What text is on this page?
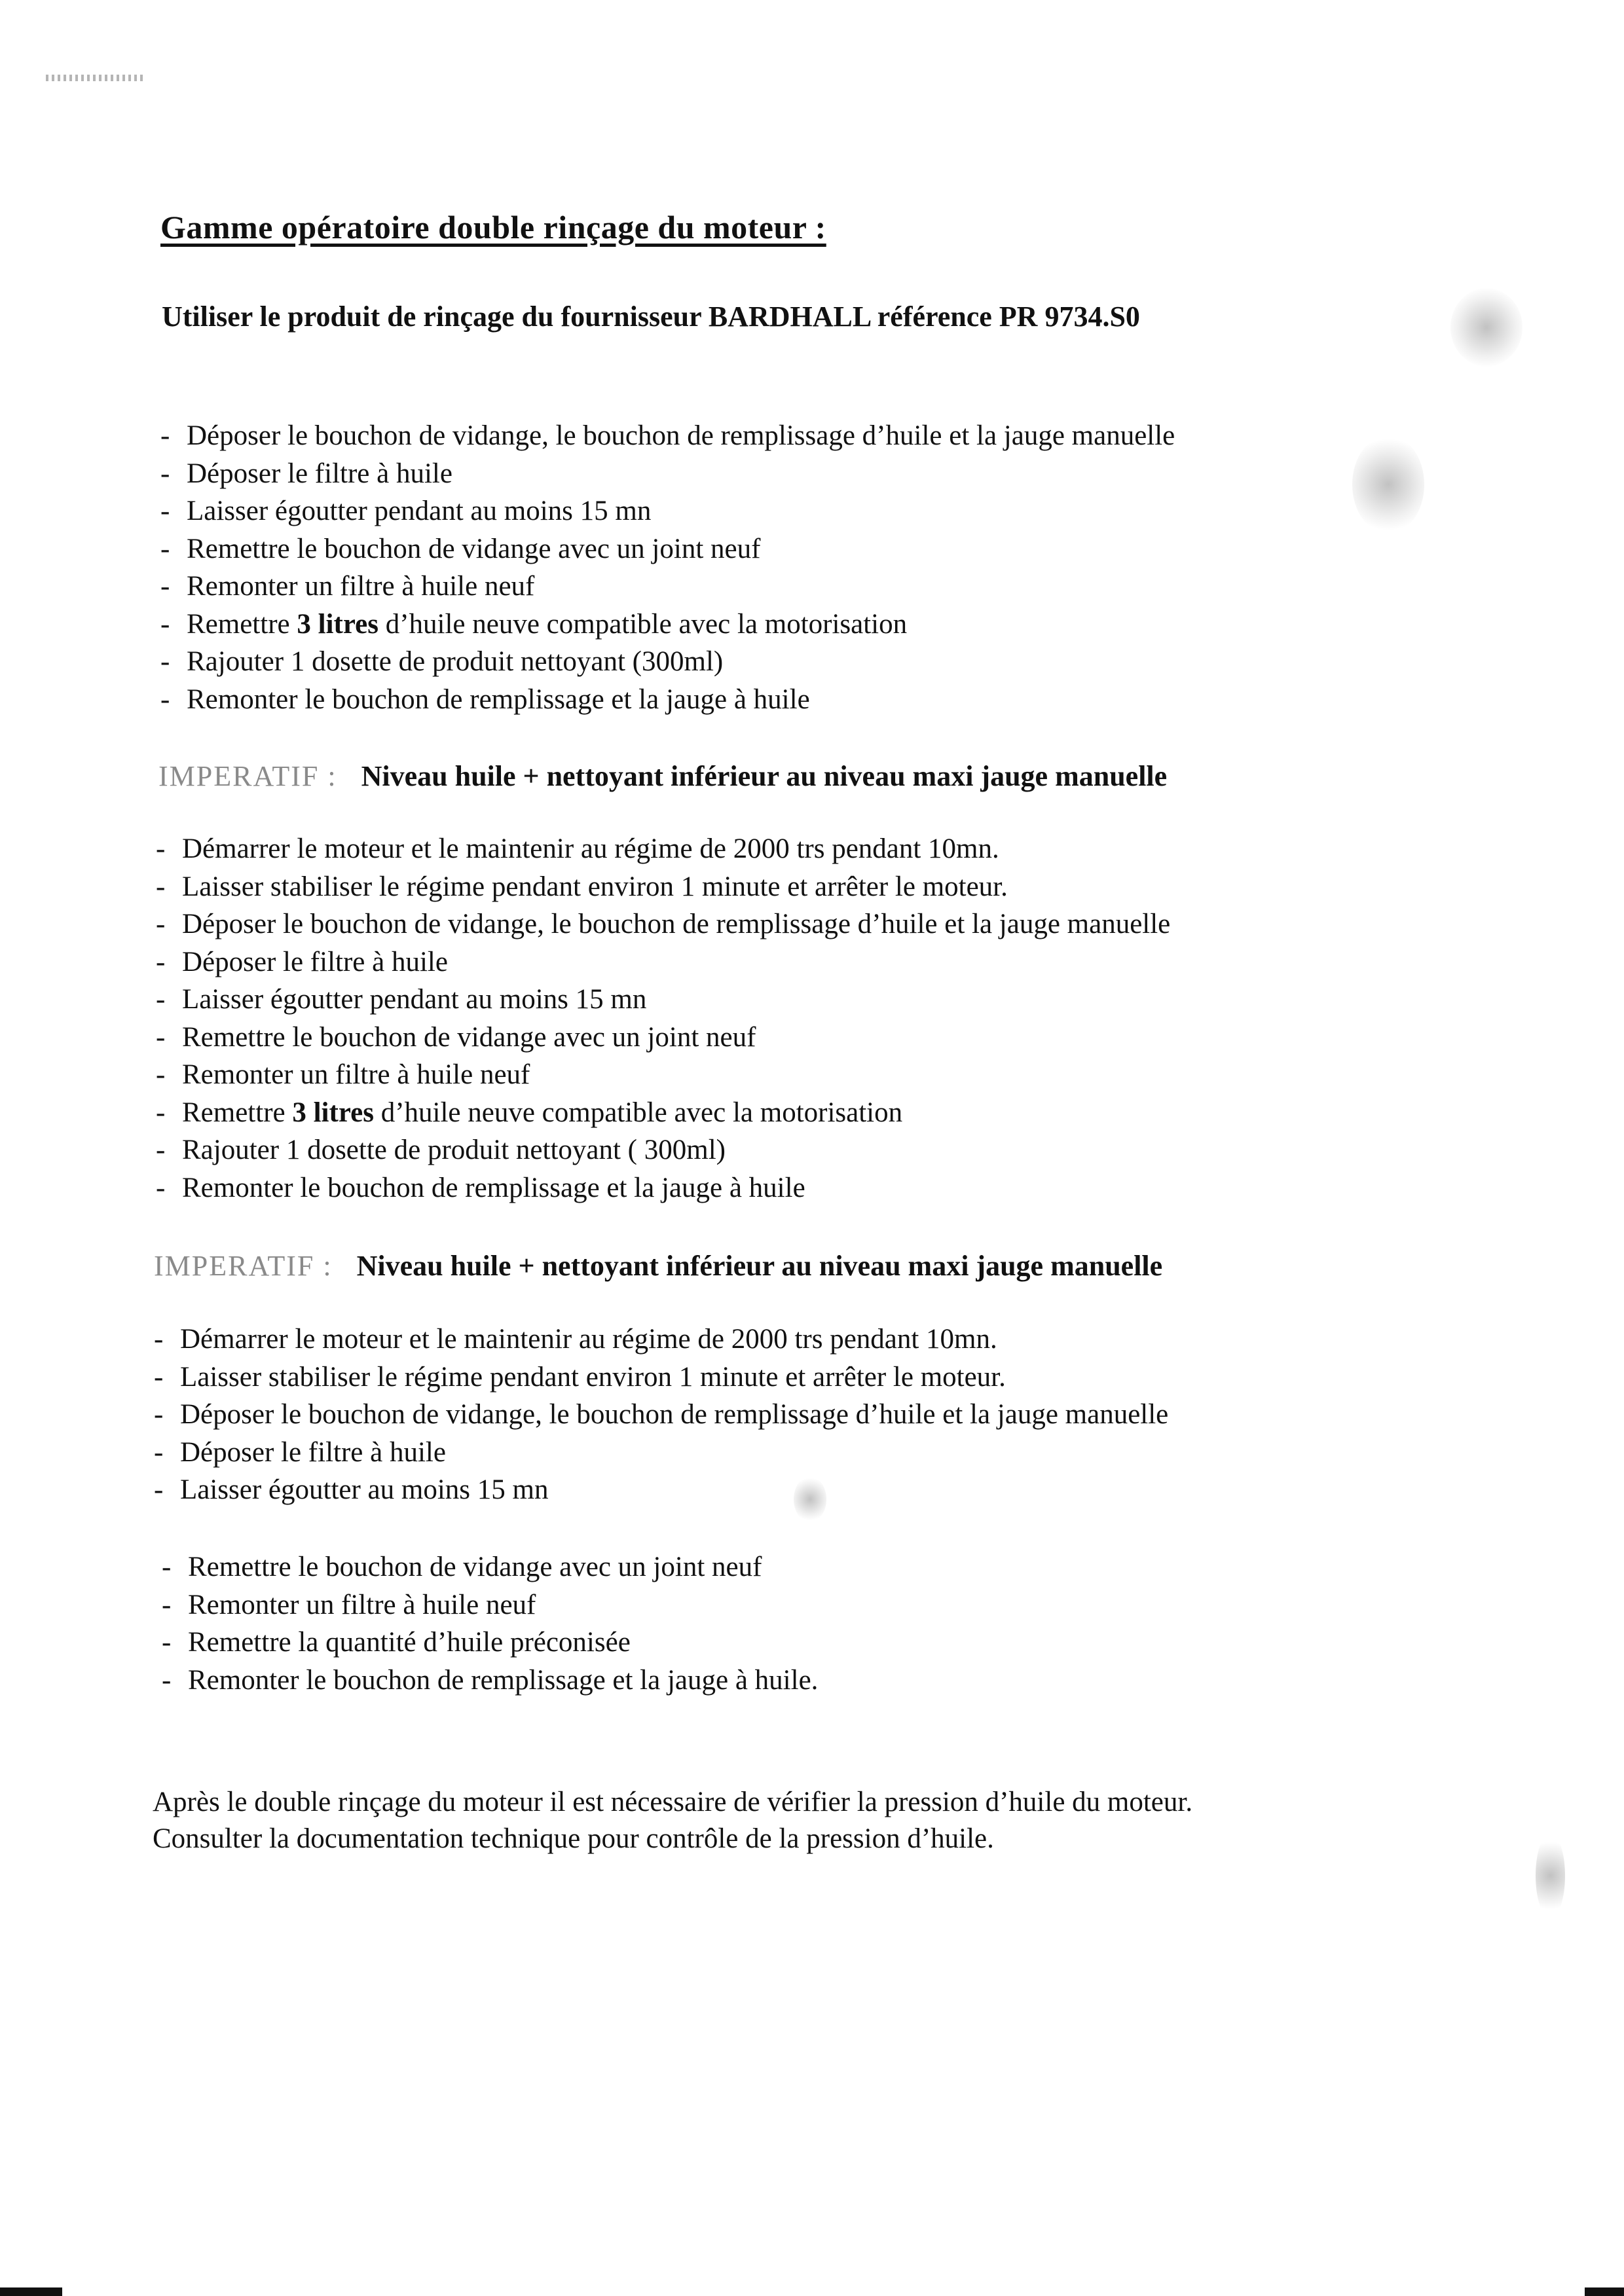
Gamme opératoire double rinçage du moteur :

Utiliser le produit de rinçage du fournisseur BARDHALL référence PR 9734.S0

- Déposer le bouchon de vidange, le bouchon de remplissage d’huile et la jauge manuelle
- Déposer le filtre à huile
- Laisser égoutter pendant au moins 15 mn
- Remettre le bouchon de vidange avec un joint neuf
- Remonter un filtre à huile neuf
- Remettre 3 litres d’huile neuve compatible avec la motorisation
- Rajouter 1 dosette de produit nettoyant (300ml)
- Remonter le bouchon de remplissage et la jauge à huile

IMPERATIF : Niveau huile + nettoyant inférieur au niveau maxi jauge manuelle

- Démarrer le moteur et le maintenir au régime de 2000 trs pendant 10mn.
- Laisser stabiliser le régime pendant environ 1 minute et arrêter le moteur.
- Déposer le bouchon de vidange, le bouchon de remplissage d’huile et la jauge manuelle
- Déposer le filtre à huile
- Laisser égoutter pendant au moins 15 mn
- Remettre le bouchon de vidange avec un joint neuf
- Remonter un filtre à huile neuf
- Remettre 3 litres d’huile neuve compatible avec la motorisation
- Rajouter 1 dosette de produit nettoyant ( 300ml)
- Remonter le bouchon de remplissage et la jauge à huile

IMPERATIF : Niveau huile + nettoyant inférieur au niveau maxi jauge manuelle

- Démarrer le moteur et le maintenir au régime de 2000 trs pendant 10mn.
- Laisser stabiliser le régime pendant environ 1 minute et arrêter le moteur.
- Déposer le bouchon de vidange, le bouchon de remplissage d’huile et la jauge manuelle
- Déposer le filtre à huile
- Laisser égoutter au moins 15 mn
- Remettre le bouchon de vidange avec un joint neuf
- Remonter un filtre à huile neuf
- Remettre la quantité d’huile préconisée
- Remonter le bouchon de remplissage et la jauge à huile.
Après le double rinçage du moteur il est nécessaire de vérifier la pression d’huile du moteur.
Consulter la documentation technique pour contrôle de la pression d’huile.
